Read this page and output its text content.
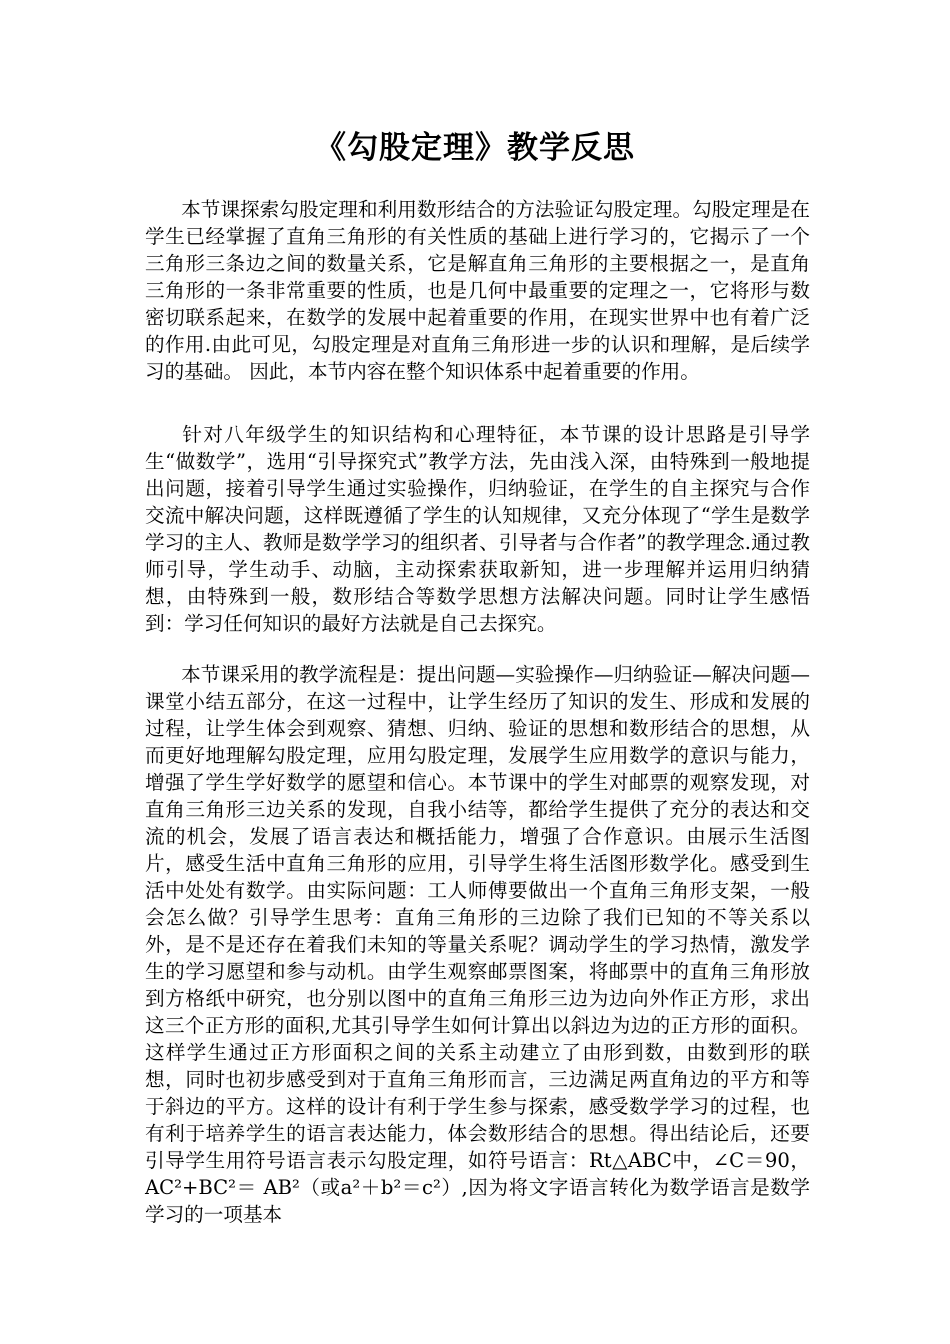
《勾股定理》教学反思
本节课探索勾股定理和利用数形结合的方法验证勾股定理。勾股定理是在学生已经掌握了直角三角形的有关性质的基础上进行学习的，它揭示了一个三角形三条边之间的数量关系，它是解直角三角形的主要根据之一，是直角三角形的一条非常重要的性质，也是几何中最重要的定理之一，它将形与数密切联系起来，在数学的发展中起着重要的作用，在现实世界中也有着广泛的作用.由此可见，勾股定理是对直角三角形进一步的认识和理解，是后续学习的基础。 因此，本节内容在整个知识体系中起着重要的作用。
针对八年级学生的知识结构和心理特征，本节课的设计思路是引导学生“做数学”，选用“引导探究式”教学方法，先由浅入深，由特殊到一般地提出问题，接着引导学生通过实验操作，归纳验证，在学生的自主探究与合作交流中解决问题，这样既遵循了学生的认知规律，又充分体现了“学生是数学学习的主人、教师是数学学习的组织者、引导者与合作者”的教学理念.通过教师引导，学生动手、动脑，主动探索获取新知，进一步理解并运用归纳猜想，由特殊到一般，数形结合等数学思想方法解决问题。同时让学生感悟到：学习任何知识的最好方法就是自己去探究。
本节课采用的教学流程是：提出问题—实验操作—归纳验证—解决问题—课堂小结五部分，在这一过程中，让学生经历了知识的发生、形成和发展的过程，让学生体会到观察、猜想、归纳、验证的思想和数形结合的思想，从而更好地理解勾股定理，应用勾股定理，发展学生应用数学的意识与能力，增强了学生学好数学的愿望和信心。本节课中的学生对邮票的观察发现，对直角三角形三边关系的发现，自我小结等，都给学生提供了充分的表达和交流的机会，发展了语言表达和概括能力，增强了合作意识。由展示生活图片，感受生活中直角三角形的应用，引导学生将生活图形数学化。感受到生活中处处有数学。由实际问题：工人师傅要做出一个直角三角形支架，一般会怎么做？引导学生思考：直角三角形的三边除了我们已知的不等关系以外，是不是还存在着我们未知的等量关系呢？调动学生的学习热情，激发学生的学习愿望和参与动机。由学生观察邮票图案，将邮票中的直角三角形放到方格纸中研究，也分别以图中的直角三角形三边为边向外作正方形，求出这三个正方形的面积,尤其引导学生如何计算出以斜边为边的正方形的面积。这样学生通过正方形面积之间的关系主动建立了由形到数，由数到形的联想，同时也初步感受到对于直角三角形而言，三边满足两直角边的平方和等于斜边的平方。这样的设计有利于学生参与探索，感受数学学习的过程，也有利于培养学生的语言表达能力，体会数形结合的思想。得出结论后，还要引导学生用符号语言表示勾股定理，如符号语言：Rt△ABC中，∠C＝90，AC²+BC²＝ AB²（或a²＋b²＝c²）,因为将文字语言转化为数学语言是数学学习的一项基本
